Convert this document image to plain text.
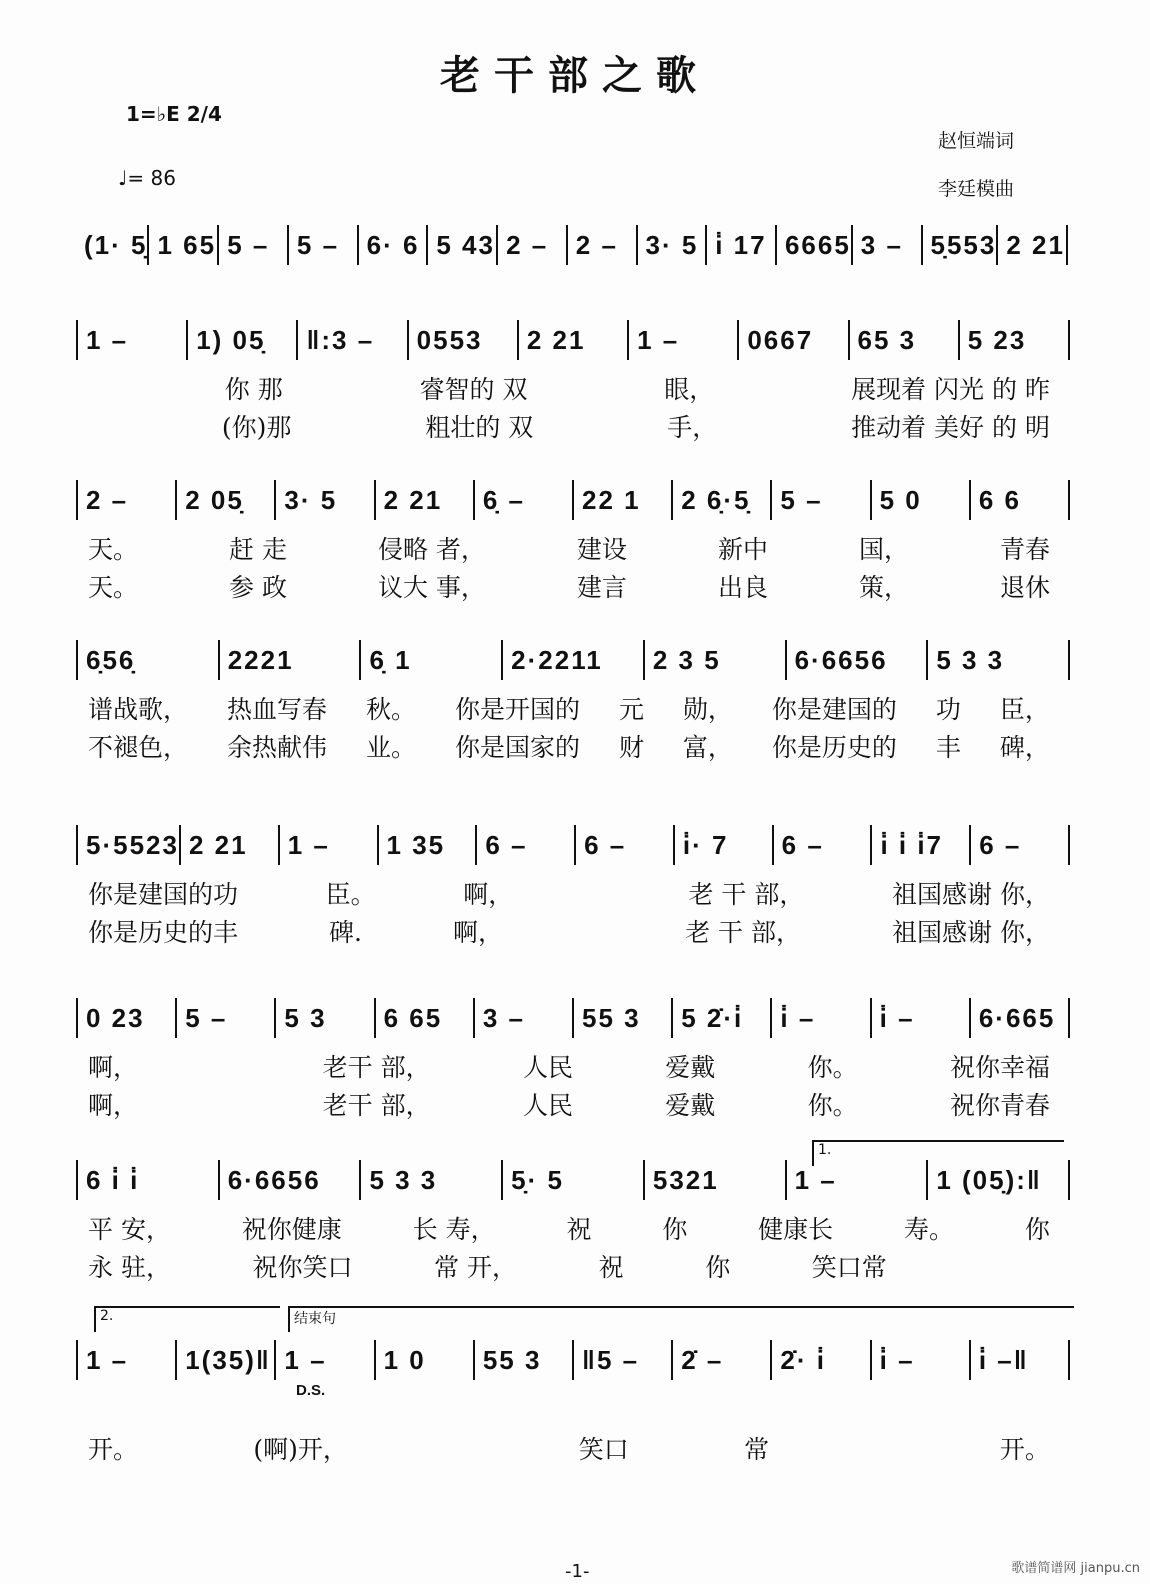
老干部之歌
1=♭E 2/4
♩= 86
赵恒端词
李廷模曲
(1· 5̣ 1 65 5 –	5 –	6· 6 5 43 2 –	2 –	3· 5 i̇ 17 6665 3 –	5̣553 2 21
1 –	1) 05̣	‖:3 –	0553	2 21	1 –	0667	65 3	5 23
你 那	睿智的 双	眼，	展现着 闪光 的 昨
(你)那	粗壮的 双	手，	推动着 美好 的 明
2 –	2 05̣	3· 5	2 21	6̣ –	22 1	2 6̣·5̣	5 –	5 0	6 6
天。	赶 走	侵略 者，	建设	新中	国，	青春
天。	参 政	议大 事，	建言	出良	策，	退休
6̣56̣	2221	6̣ 1	2·2211	2 3 5	6·6656	5 3 3
谱战歌， 热血写春 秋。 你是开国的 元 勋， 你是建国的 功 臣，
不褪色， 余热献伟 业。 你是国家的 财 富， 你是历史的 丰 碑，
5·5523 2 21	1 –	1 35	6 –	6 –	i̇· 7	6 –	i̇ i̇ i̇7	6 –
你是建国的功	臣。	啊，	老 干 部，	祖国感谢 你，
你是历史的丰	碑.	啊，	老 干 部，	祖国感谢 你，
0 23	5 –	5 3	6 65	3 –	55 3	5 2̇·i̇	i̇ –	i̇ –	6·665
啊，	老干 部，	人民	爱戴	你。	祝你幸福
啊，	老干 部，	人民	爱戴	你。	祝你青春
6 i̇ i̇	6·6656	5 3 3	5̣· 5	5321	1 –	1 (05̣):‖
平 安，	祝你健康	长 寿，	祝	你	健康长	寿。	你
永 驻，	祝你笑口	常 开，	祝	你	笑口常
1 –	1(35)‖ 1 –	1 0	55 3	‖5 –	2̇ –	2̇· i̇	i̇ –	i̇ –‖
开。	(啊)开，	笑口	常	开。
1.
2.	结束句
D.S.
-1-	歌谱简谱网 jianpu.cn
